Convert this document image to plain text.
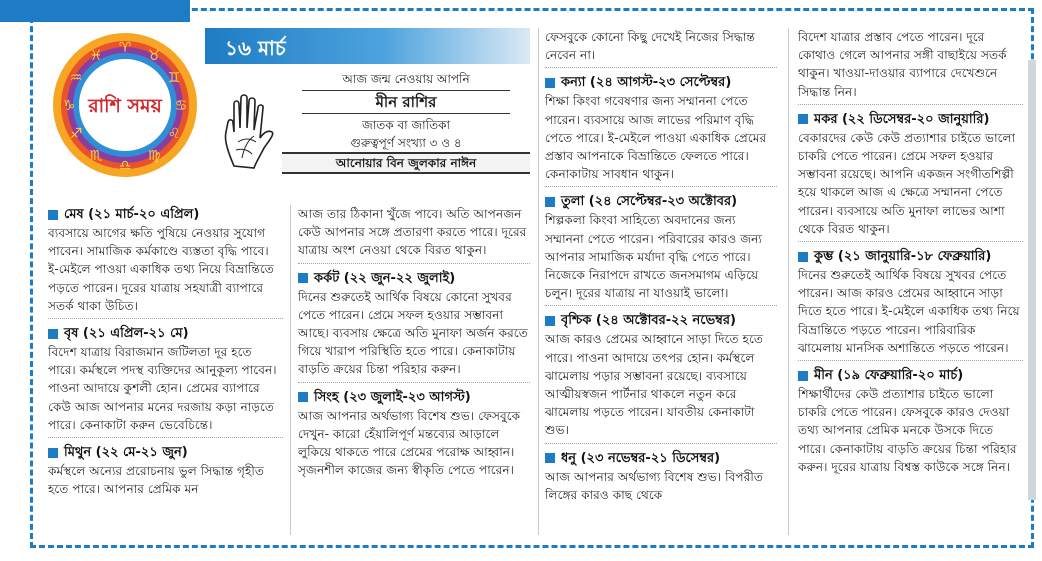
♈ ♉
♊
♋
♌
♍
♎
♏
♐
♑
♒
♓
রাশি সময়
১৬ মার্চ
আজ জন্ম নেওয়ায় আপনি
মীন রাশির
জাতক বা জাতিকা
গুরুত্বপূর্ণ সংখ্যা ৩ ও ৪
আনোয়ার বিন জুলকার নাঈন
মেষ (২১ মার্চ-২০ এপ্রিল)
ব্যবসায়ে আগের ক্ষতি পুষিয়ে নেওয়ার সুযোগ পাবেন। সামাজিক কর্মকাণ্ডে ব্যস্ততা বৃদ্ধি পাবে। ই-মেইলে পাওয়া একাধিক তথ্য নিয়ে বিভ্রান্তিতে পড়তে পারেন। দূরের যাত্রায় সহযাত্রী ব্যাপারে সতর্ক থাকা উচিত।
বৃষ (২১ এপ্রিল-২১ মে)
বিদেশ যাত্রায় বিরাজমান জটিলতা দূর হতে পারে। কর্মস্থলে পদস্থ ব্যক্তিদের আনুকূল্য পাবেন। পাওনা আদায়ে কুশলী হোন। প্রেমের ব্যাপারে কেউ আজ আপনার মনের দরজায় কড়া নাড়তে পারে। কেনাকাটা করুন ভেবেচিন্তে।
মিথুন (২২ মে-২১ জুন)
কর্মস্থলে অন্যের প্ররোচনায় ভুল সিদ্ধান্ত গৃহীত হতে পারে। আপনার প্রেমিক মন
আজ তার ঠিকানা খুঁজে পাবে। অতি আপনজন কেউ আপনার সঙ্গে প্রতারণা করতে পারে। দূরের যাত্রায় অংশ নেওয়া থেকে বিরত থাকুন।
কর্কট (২২ জুন-২২ জুলাই)
দিনের শুরুতেই আর্থিক বিষয়ে কোনো সুখবর পেতে পারেন। প্রেমে সফল হওয়ার সম্ভাবনা আছে। ব্যবসায় ক্ষেত্রে অতি মুনাফা অর্জন করতে গিয়ে খারাপ পরিস্থিতি হতে পারে। কেনাকাটায় বাড়তি ক্রয়ের চিন্তা পরিহার করুন।
সিংহ (২৩ জুলাই-২৩ আগস্ট)
আজ আপনার অর্থভাগ্য বিশেষ শুভ। ফেসবুকে দেখুন- কারো হেঁয়ালিপূর্ণ মন্তব্যের আড়ালে লুকিয়ে থাকতে পারে প্রেমের পরোক্ষ আহ্বান। সৃজনশীল কাজের জন্য স্বীকৃতি পেতে পারেন।
ফেসবুকে কোনো কিছু দেখেই নিজের সিদ্ধান্ত নেবেন না।
কন্যা (২৪ আগস্ট-২৩ সেপ্টেম্বর)
শিক্ষা কিংবা গবেষণার জন্য সম্মাননা পেতে পারেন। ব্যবসায়ে আজ লাভের পরিমাণ বৃদ্ধি পেতে পারে। ই-মেইলে পাওয়া একাধিক প্রেমের প্রস্তাব আপনাকে বিভ্রান্তিতে ফেলতে পারে। কেনাকাটায় সাবধান থাকুন।
তুলা (২৪ সেপ্টেম্বর-২৩ অক্টোবর)
শিল্পকলা কিংবা সাহিত্যে অবদানের জন্য সম্মাননা পেতে পারেন। পরিবারের কারও জন্য আপনার সামাজিক মর্যাদা বৃদ্ধি পেতে পারে। নিজেকে নিরাপদে রাখতে জনসমাগম এড়িয়ে চলুন। দূরের যাত্রায় না যাওয়াই ভালো।
বৃশ্চিক (২৪ অক্টোবর-২২ নভেম্বর)
আজ কারও প্রেমের আহ্বানে সাড়া দিতে হতে পারে। পাওনা আদায়ে তৎপর হোন। কর্মস্থলে ঝামেলায় পড়ার সম্ভাবনা রয়েছে। ব্যবসায়ে আত্মীয়স্বজন পার্টনার থাকলে নতুন করে ঝামেলায় পড়তে পারেন। যাবতীয় কেনাকাটা শুভ।
ধনু (২৩ নভেম্বর-২১ ডিসেম্বর)
আজ আপনার অর্থভাগ্য বিশেষ শুভ। বিপরীত লিঙ্গের কারও কাছ থেকে
বিদেশ যাত্রার প্রস্তাব পেতে পারেন। দূরে কোথাও গেলে আপনার সঙ্গী বাছাইয়ে সতর্ক থাকুন। খাওয়া-দাওয়ার ব্যাপারে দেখেশুনে সিদ্ধান্ত নিন।
মকর (২২ ডিসেম্বর-২০ জানুয়ারি)
বেকারদের কেউ কেউ প্রত্যাশার চাইতে ভালো চাকরি পেতে পারেন। প্রেমে সফল হওয়ার সম্ভাবনা রয়েছে। আপনি একজন সংগীতশিল্পী হয়ে থাকলে আজ এ ক্ষেত্রে সম্মাননা পেতে পারেন। ব্যবসায়ে অতি মুনাফা লাভের আশা থেকে বিরত থাকুন।
কুম্ভ (২১ জানুয়ারি-১৮ ফেব্রুয়ারি)
দিনের শুরুতেই আর্থিক বিষয়ে সুখবর পেতে পারেন। আজ কারও প্রেমের আহ্বানে সাড়া দিতে হতে পারে। ই-মেইলে একাধিক তথ্য নিয়ে বিভ্রান্তিতে পড়তে পারেন। পারিবারিক ঝামেলায় মানসিক অশান্তিতে পড়তে পারেন।
মীন (১৯ ফেব্রুয়ারি-২০ মার্চ)
শিক্ষার্থীদের কেউ প্রত্যাশার চাইতে ভালো চাকরি পেতে পারেন। ফেসবুকে কারও দেওয়া তথ্য আপনার প্রেমিক মনকে উসকে দিতে পারে। কেনাকাটায় বাড়তি ক্রয়ের চিন্তা পরিহার করুন। দূরের যাত্রায় বিশ্বস্ত কাউকে সঙ্গে নিন।
